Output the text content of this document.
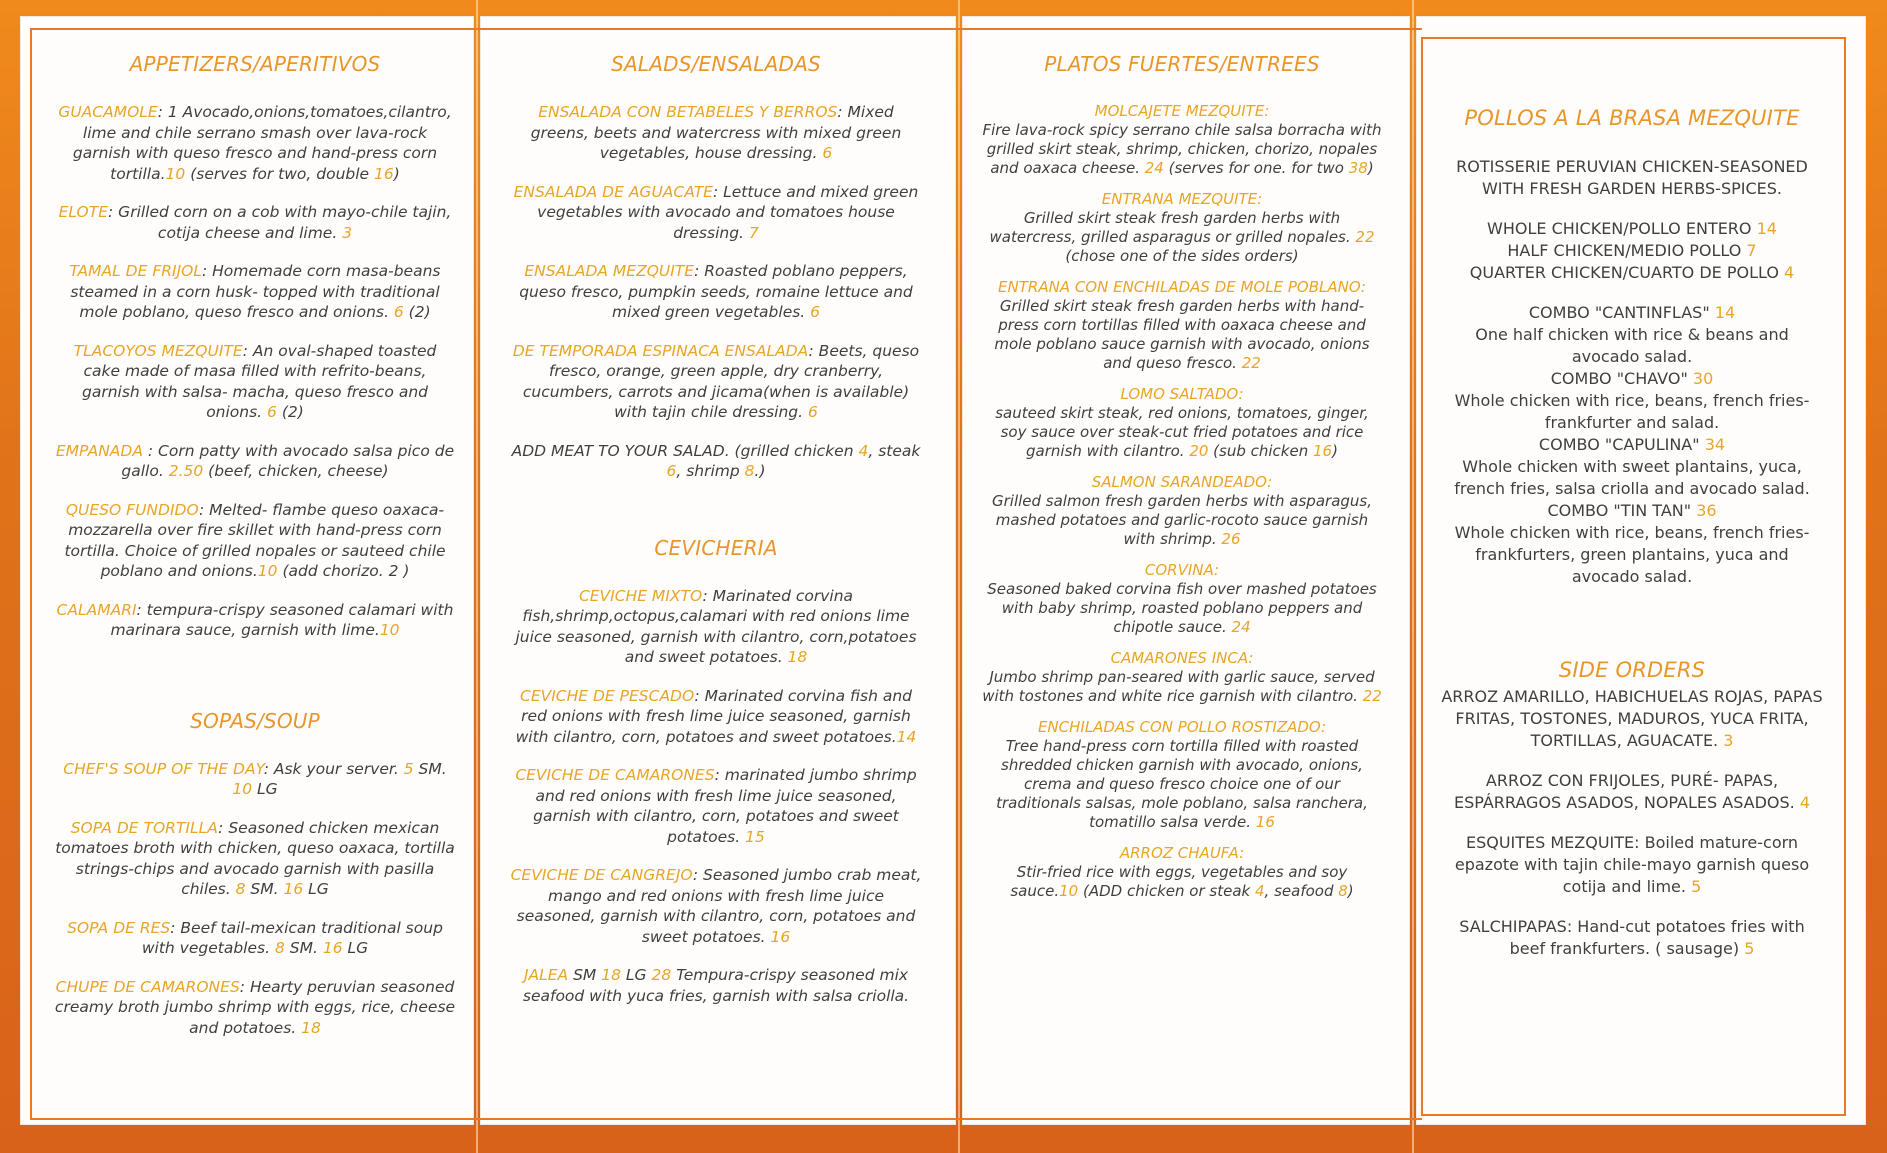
APPETIZERS/APERITIVOS
GUACAMOLE: 1 Avocado,onions,tomatoes,cilantro, lime and chile serrano smash over lava-rock garnish with queso fresco and hand-press corn tortilla.10 (serves for two, double 16)
ELOTE: Grilled corn on a cob with mayo-chile tajin, cotija cheese and lime. 3
TAMAL DE FRIJOL: Homemade corn masa-beans steamed in a corn husk- topped with traditional mole poblano, queso fresco and onions. 6 (2)
TLACOYOS MEZQUITE: An oval-shaped toasted cake made of masa filled with refrito-beans, garnish with salsa- macha, queso fresco and onions. 6 (2)
EMPANADA : Corn patty with avocado salsa pico de gallo. 2.50 (beef, chicken, cheese)
QUESO FUNDIDO: Melted- flambe queso oaxaca-mozzarella over fire skillet with hand-press corn tortilla. Choice of grilled nopales or sauteed chile poblano and onions.10 (add chorizo. 2 )
CALAMARI: tempura-crispy seasoned calamari with marinara sauce, garnish with lime.10
SOPAS/SOUP
CHEF'S SOUP OF THE DAY: Ask your server. 5 SM. 10 LG
SOPA DE TORTILLA: Seasoned chicken mexican tomatoes broth with chicken, queso oaxaca, tortilla strings-chips and avocado garnish with pasilla chiles. 8 SM. 16 LG
SOPA DE RES: Beef tail-mexican traditional soup with vegetables. 8 SM. 16 LG
CHUPE DE CAMARONES: Hearty peruvian seasoned creamy broth jumbo shrimp with eggs, rice, cheese and potatoes. 18
SALADS/ENSALADAS
ENSALADA CON BETABELES Y BERROS: Mixed greens, beets and watercress with mixed green vegetables, house dressing. 6
ENSALADA DE AGUACATE: Lettuce and mixed green vegetables with avocado and tomatoes house dressing. 7
ENSALADA MEZQUITE: Roasted poblano peppers, queso fresco, pumpkin seeds, romaine lettuce and mixed green vegetables. 6
DE TEMPORADA ESPINACA ENSALADA: Beets, queso fresco, orange, green apple, dry cranberry, cucumbers, carrots and jicama(when is available) with tajin chile dressing. 6
ADD MEAT TO YOUR SALAD. (grilled chicken 4, steak 6, shrimp 8.)
CEVICHERIA
CEVICHE MIXTO: Marinated corvina fish,shrimp,octopus,calamari with red onions lime juice seasoned, garnish with cilantro, corn,potatoes and sweet potatoes. 18
CEVICHE DE PESCADO: Marinated corvina fish and red onions with fresh lime juice seasoned, garnish with cilantro, corn, potatoes and sweet potatoes.14
CEVICHE DE CAMARONES: marinated jumbo shrimp and red onions with fresh lime juice seasoned, garnish with cilantro, corn, potatoes and sweet potatoes. 15
CEVICHE DE CANGREJO: Seasoned jumbo crab meat, mango and red onions with fresh lime juice seasoned, garnish with cilantro, corn, potatoes and sweet potatoes. 16
JALEA SM 18 LG 28 Tempura-crispy seasoned mix seafood with yuca fries, garnish with salsa criolla.
PLATOS FUERTES/ENTREES
MOLCAJETE MEZQUITE:
Fire lava-rock spicy serrano chile salsa borracha with grilled skirt steak, shrimp, chicken, chorizo, nopales and oaxaca cheese. 24 (serves for one. for two 38)
ENTRANA MEZQUITE:
Grilled skirt steak fresh garden herbs with watercress, grilled asparagus or grilled nopales. 22 (chose one of the sides orders)
ENTRANA CON ENCHILADAS DE MOLE POBLANO:
Grilled skirt steak fresh garden herbs with hand-press corn tortillas filled with oaxaca cheese and mole poblano sauce garnish with avocado, onions and queso fresco. 22
LOMO SALTADO:
sauteed skirt steak, red onions, tomatoes, ginger, soy sauce over steak-cut fried potatoes and rice garnish with cilantro. 20 (sub chicken 16)
SALMON SARANDEADO:
Grilled salmon fresh garden herbs with asparagus, mashed potatoes and garlic-rocoto sauce garnish with shrimp. 26
CORVINA:
Seasoned baked corvina fish over mashed potatoes with baby shrimp, roasted poblano peppers and chipotle sauce. 24
CAMARONES INCA:
Jumbo shrimp pan-seared with garlic sauce, served with tostones and white rice garnish with cilantro. 22
ENCHILADAS CON POLLO ROSTIZADO:
Tree hand-press corn tortilla filled with roasted shredded chicken garnish with avocado, onions, crema and queso fresco choice one of our traditionals salsas, mole poblano, salsa ranchera, tomatillo salsa verde. 16
ARROZ CHAUFA:
Stir-fried rice with eggs, vegetables and soy sauce.10 (ADD chicken or steak 4, seafood 8)
POLLOS A LA BRASA MEZQUITE
ROTISSERIE PERUVIAN CHICKEN-SEASONED WITH FRESH GARDEN HERBS-SPICES.
WHOLE CHICKEN/POLLO ENTERO 14
HALF CHICKEN/MEDIO POLLO 7
QUARTER CHICKEN/CUARTO DE POLLO 4
COMBO "CANTINFLAS" 14
One half chicken with rice & beans and avocado salad.
COMBO "CHAVO" 30
Whole chicken with rice, beans, french fries-frankfurter and salad.
COMBO "CAPULINA" 34
Whole chicken with sweet plantains, yuca, french fries, salsa criolla and avocado salad.
COMBO "TIN TAN" 36
Whole chicken with rice, beans, french fries-frankfurters, green plantains, yuca and avocado salad.
SIDE ORDERS
ARROZ AMARILLO, HABICHUELAS ROJAS, PAPAS FRITAS, TOSTONES, MADUROS, YUCA FRITA, TORTILLAS, AGUACATE. 3
ARROZ CON FRIJOLES, PURÉ- PAPAS, ESPÁRRAGOS ASADOS, NOPALES ASADOS. 4
ESQUITES MEZQUITE: Boiled mature-corn epazote with tajin chile-mayo garnish queso cotija and lime. 5
SALCHIPAPAS: Hand-cut potatoes fries with beef frankfurters. ( sausage) 5
